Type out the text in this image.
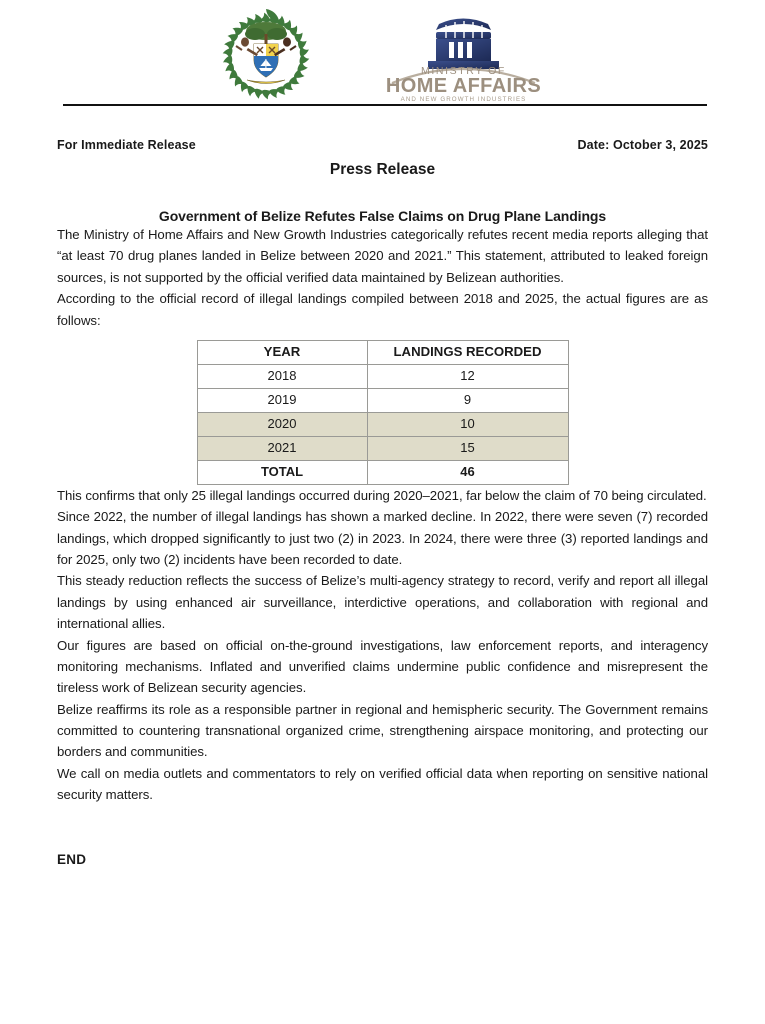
MINISTRY OF
HOME AFFAIRS
AND NEW GROWTH INDUSTRIES
For Immediate Release	Date: October 3, 2025
Press Release
Government of Belize Refutes False Claims on Drug Plane Landings

The Ministry of Home Affairs and New Growth Industries categorically refutes recent media reports alleging that “at least 70 drug planes landed in Belize between 2020 and 2021.” This statement, attributed to leaked foreign sources, is not supported by the official verified data maintained by Belizean authorities.

According to the official record of illegal landings compiled between 2018 and 2025, the actual figures are as follows:

YEAR	LANDINGS RECORDED
2018	12
2019	9
2020	10
2021	15
TOTAL	46

This confirms that only 25 illegal landings occurred during 2020–2021, far below the claim of 70 being circulated.

Since 2022, the number of illegal landings has shown a marked decline. In 2022, there were seven (7) recorded landings, which dropped significantly to just two (2) in 2023. In 2024, there were three (3) reported landings and for 2025, only two (2) incidents have been recorded to date.

This steady reduction reflects the success of Belize’s multi-agency strategy to record, verify and report all illegal landings by using enhanced air surveillance, interdictive operations, and collaboration with regional and international allies.

Our figures are based on official on-the-ground investigations, law enforcement reports, and interagency monitoring mechanisms. Inflated and unverified claims undermine public confidence and misrepresent the tireless work of Belizean security agencies.

Belize reaffirms its role as a responsible partner in regional and hemispheric security. The Government remains committed to countering transnational organized crime, strengthening airspace monitoring, and protecting our borders and communities.

We call on media outlets and commentators to rely on verified official data when reporting on sensitive national security matters.

END
